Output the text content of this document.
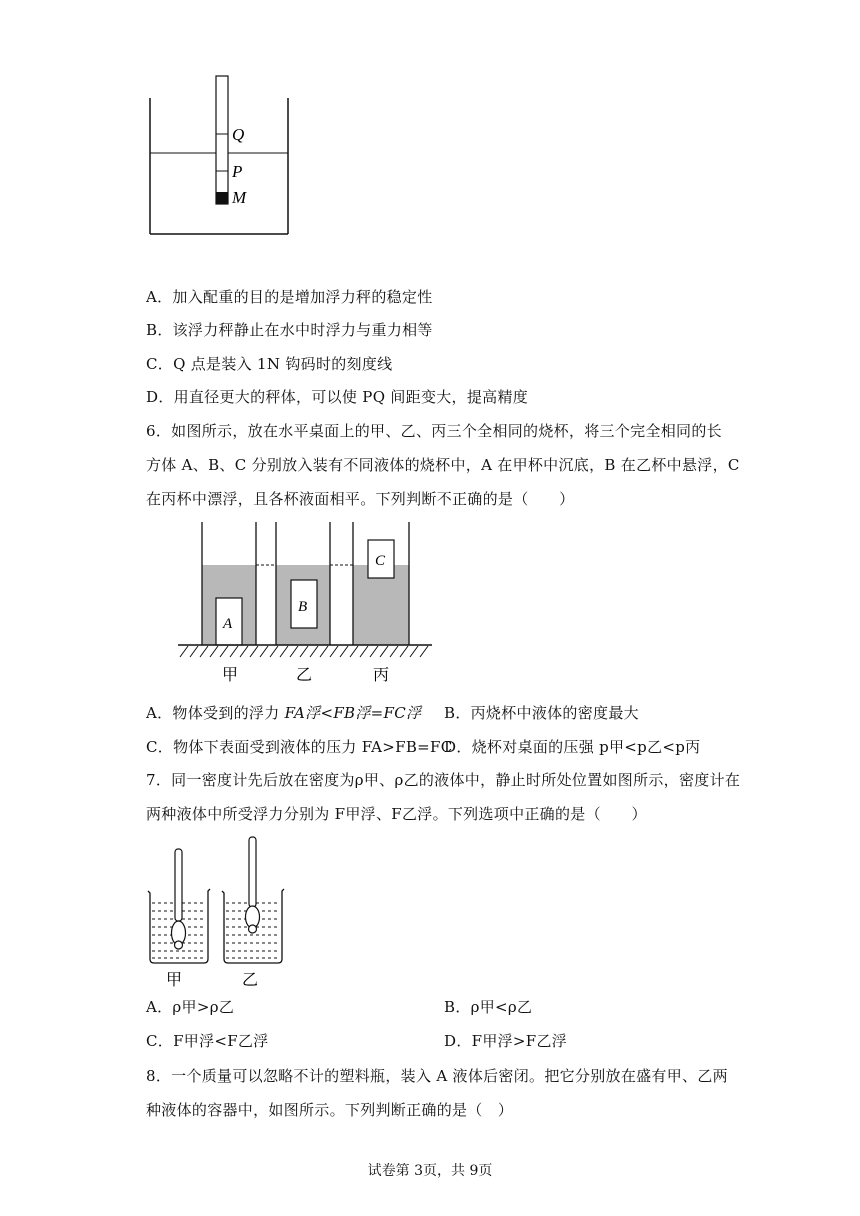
Q
P
M
A．加入配重的目的是增加浮力秤的稳定性
B．该浮力秤静止在水中时浮力与重力相等
C．Q 点是装入 1N 钩码时的刻度线
D．用直径更大的秤体，可以使 PQ 间距变大，提高精度
6．如图所示，放在水平桌面上的甲、乙、丙三个全相同的烧杯，将三个完全相同的长
方体 A、B、C 分别放入装有不同液体的烧杯中，A 在甲杯中沉底，B 在乙杯中悬浮，C
在丙杯中漂浮，且各杯液面相平。下列判断不正确的是（　　）
A
B
C
甲	乙	丙
A．物体受到的浮力 FA浮<FB浮=FC浮 B．丙烧杯中液体的密度最大
C．物体下表面受到液体的压力 FA>FB=FC
D．烧杯对桌面的压强 p甲<p乙<p丙
7．同一密度计先后放在密度为ρ甲、ρ乙的液体中，静止时所处位置如图所示，密度计在
两种液体中所受浮力分别为 F甲浮、F乙浮。下列选项中正确的是（　　）
甲	乙
A．ρ甲>ρ乙	B．ρ甲<ρ乙
C．F甲浮<F乙浮	D．F甲浮>F乙浮
8．一个质量可以忽略不计的塑料瓶，装入 A 液体后密闭。把它分别放在盛有甲、乙两
种液体的容器中，如图所示。下列判断正确的是（　）
试卷第 3页，共 9页
